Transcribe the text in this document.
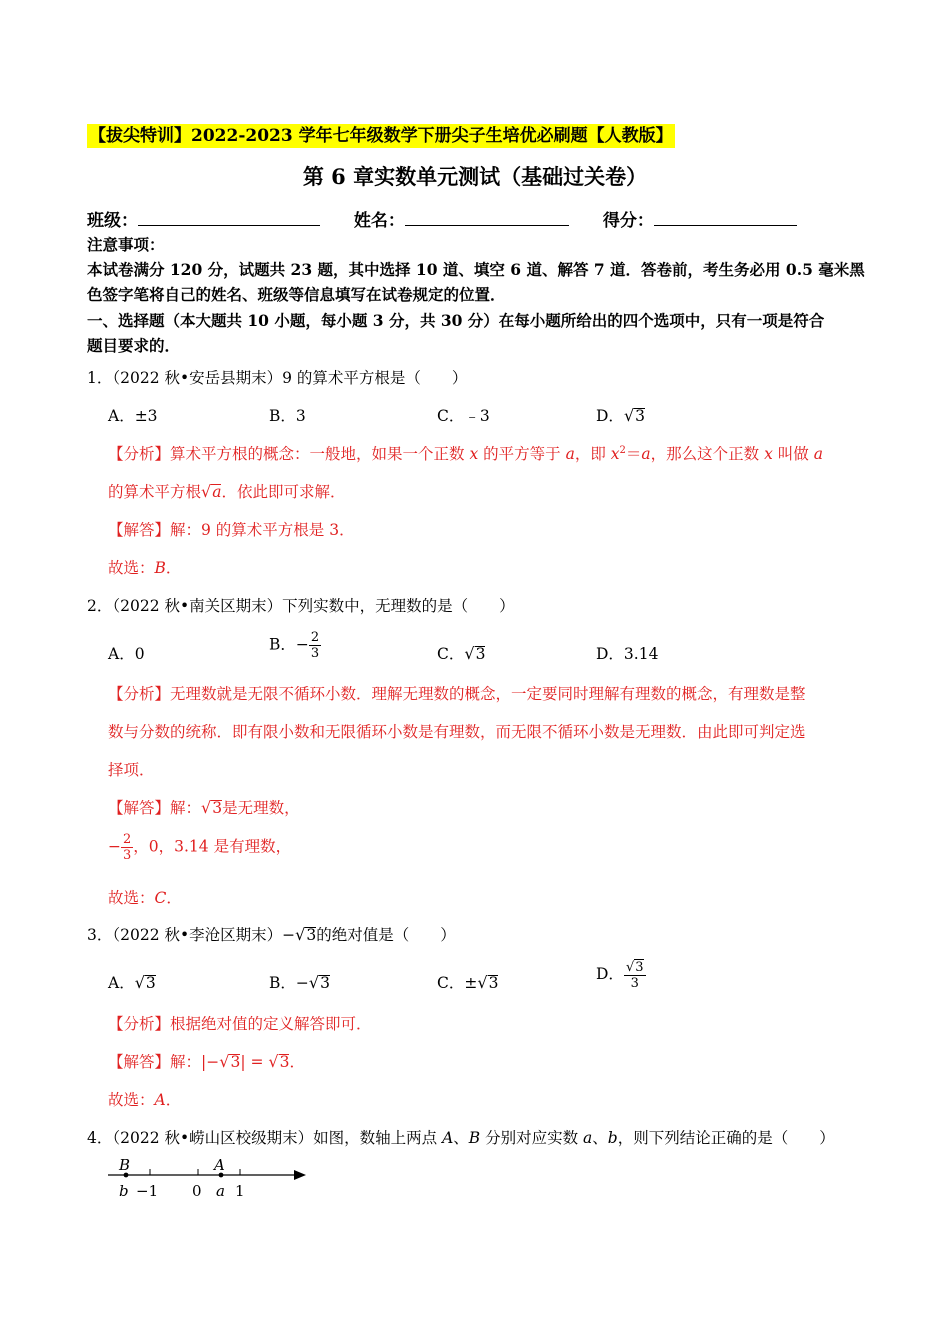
【拔尖特训】2022-2023 学年七年级数学下册尖子生培优必刷题【人教版】
第 6 章实数单元测试（基础过关卷）
班级：	姓名：	得分：
注意事项：
本试卷满分 120 分，试题共 23 题，其中选择 10 道、填空 6 道、解答 7 道．答卷前，考生务必用 0.5 毫米黑
色签字笔将自己的姓名、班级等信息填写在试卷规定的位置．
一、选择题（本大题共 10 小题，每小题 3 分，共 30 分）在每小题所给出的四个选项中，只有一项是符合
题目要求的．
1．（2022 秋•安岳县期末）9 的算术平方根是（　　）
A．±3	B．3	C．﹣3	D．√3
【分析】算术平方根的概念：一般地，如果一个正数 x 的平方等于 a，即 $x^2=a$，那么这个正数 x 叫做 a
的算术平方根√a．依此即可求解．
【解答】解：9 的算术平方根是 3．
故选：B．
2．（2022 秋•南关区期末）下列实数中，无理数的是（　　）
A．0
B．− $\frac{2}{3}$	C．√3	D．3.14
【分析】无理数就是无限不循环小数．理解无理数的概念，一定要同时理解有理数的概念，有理数是整
数与分数的统称．即有限小数和无限循环小数是有理数，而无限不循环小数是无理数．由此即可判定选
择项．
【解答】解：√3是无理数，
− $\frac{2}{3}$ ，0，3.14 是有理数，
故选：C．
3．（2022 秋•李沧区期末）−√3的绝对值是（　　）
A．√3	B．−√3	C．±√3	D． $\frac{√3}{3}$
【分析】根据绝对值的定义解答即可．
【解答】解：|−√3| = √3．
故选：A．
4．（2022 秋•崂山区校级期末）如图，数轴上两点 A、B 分别对应实数 a、b，则下列结论正确的是（　　）
B	A
b −1 0 a 1
